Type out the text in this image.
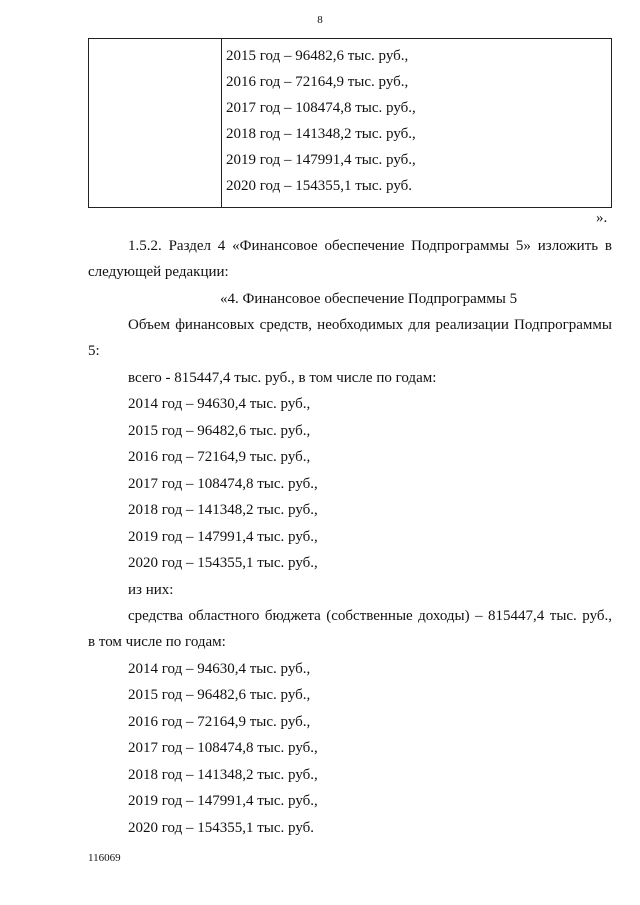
8

2015 год – 96482,6 тыс. руб.,
2016 год – 72164,9 тыс. руб.,
2017 год – 108474,8 тыс. руб.,
2018 год – 141348,2 тыс. руб.,
2019 год – 147991,4 тыс. руб.,
2020 год – 154355,1 тыс. руб.
».
1.5.2. Раздел 4 «Финансовое обеспечение Подпрограммы 5» изложить в
следующей редакции:
«4. Финансовое обеспечение Подпрограммы 5
Объем финансовых средств, необходимых для реализации Подпрограммы
5:
всего - 815447,4 тыс. руб., в том числе по годам:
2014 год – 94630,4 тыс. руб.,
2015 год – 96482,6 тыс. руб.,
2016 год – 72164,9 тыс. руб.,
2017 год – 108474,8 тыс. руб.,
2018 год – 141348,2 тыс. руб.,
2019 год – 147991,4 тыс. руб.,
2020 год – 154355,1 тыс. руб.,
из них:
средства областного бюджета (собственные доходы) – 815447,4 тыс. руб.,
в том числе по годам:
2014 год – 94630,4 тыс. руб.,
2015 год – 96482,6 тыс. руб.,
2016 год – 72164,9 тыс. руб.,
2017 год – 108474,8 тыс. руб.,
2018 год – 141348,2 тыс. руб.,
2019 год – 147991,4 тыс. руб.,
2020 год – 154355,1 тыс. руб.
116069
